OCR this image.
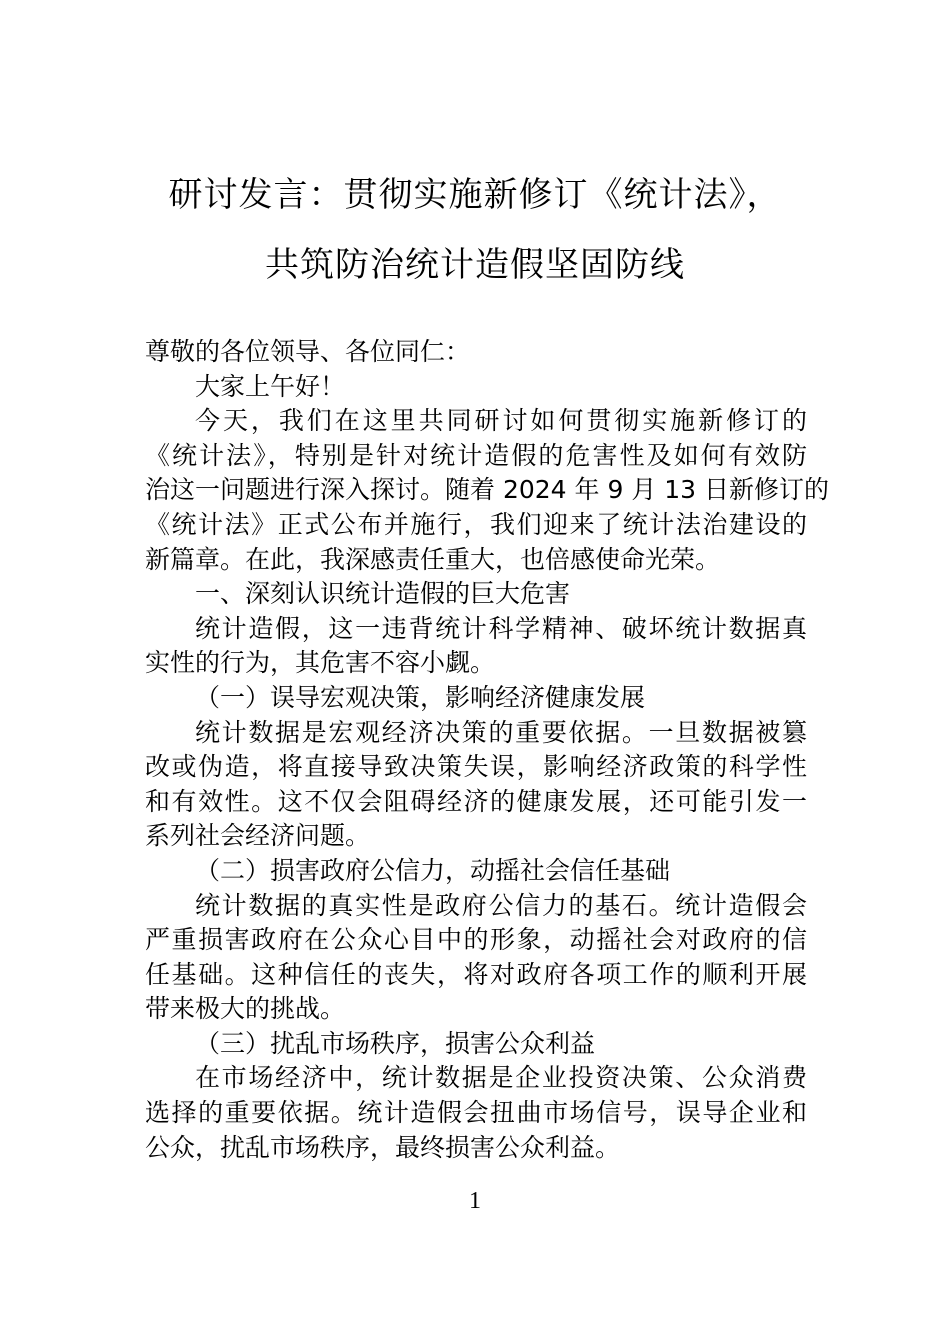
研讨发言：贯彻实施新修订《统计法》，
共筑防治统计造假坚固防线
尊敬的各位领导、各位同仁：
大家上午好！
今天，我们在这里共同研讨如何贯彻实施新修订的
《统计法》，特别是针对统计造假的危害性及如何有效防
治这一问题进行深入探讨。随着 2024 年 9 月 13 日新修订的
《统计法》正式公布并施行，我们迎来了统计法治建设的
新篇章。在此，我深感责任重大，也倍感使命光荣。
一、深刻认识统计造假的巨大危害
统计造假，这一违背统计科学精神、破坏统计数据真
实性的行为，其危害不容小觑。
（一）误导宏观决策，影响经济健康发展
统计数据是宏观经济决策的重要依据。一旦数据被篡
改或伪造，将直接导致决策失误，影响经济政策的科学性
和有效性。这不仅会阻碍经济的健康发展，还可能引发一
系列社会经济问题。
（二）损害政府公信力，动摇社会信任基础
统计数据的真实性是政府公信力的基石。统计造假会
严重损害政府在公众心目中的形象，动摇社会对政府的信
任基础。这种信任的丧失，将对政府各项工作的顺利开展
带来极大的挑战。
（三）扰乱市场秩序，损害公众利益
在市场经济中，统计数据是企业投资决策、公众消费
选择的重要依据。统计造假会扭曲市场信号，误导企业和
公众，扰乱市场秩序，最终损害公众利益。
1
